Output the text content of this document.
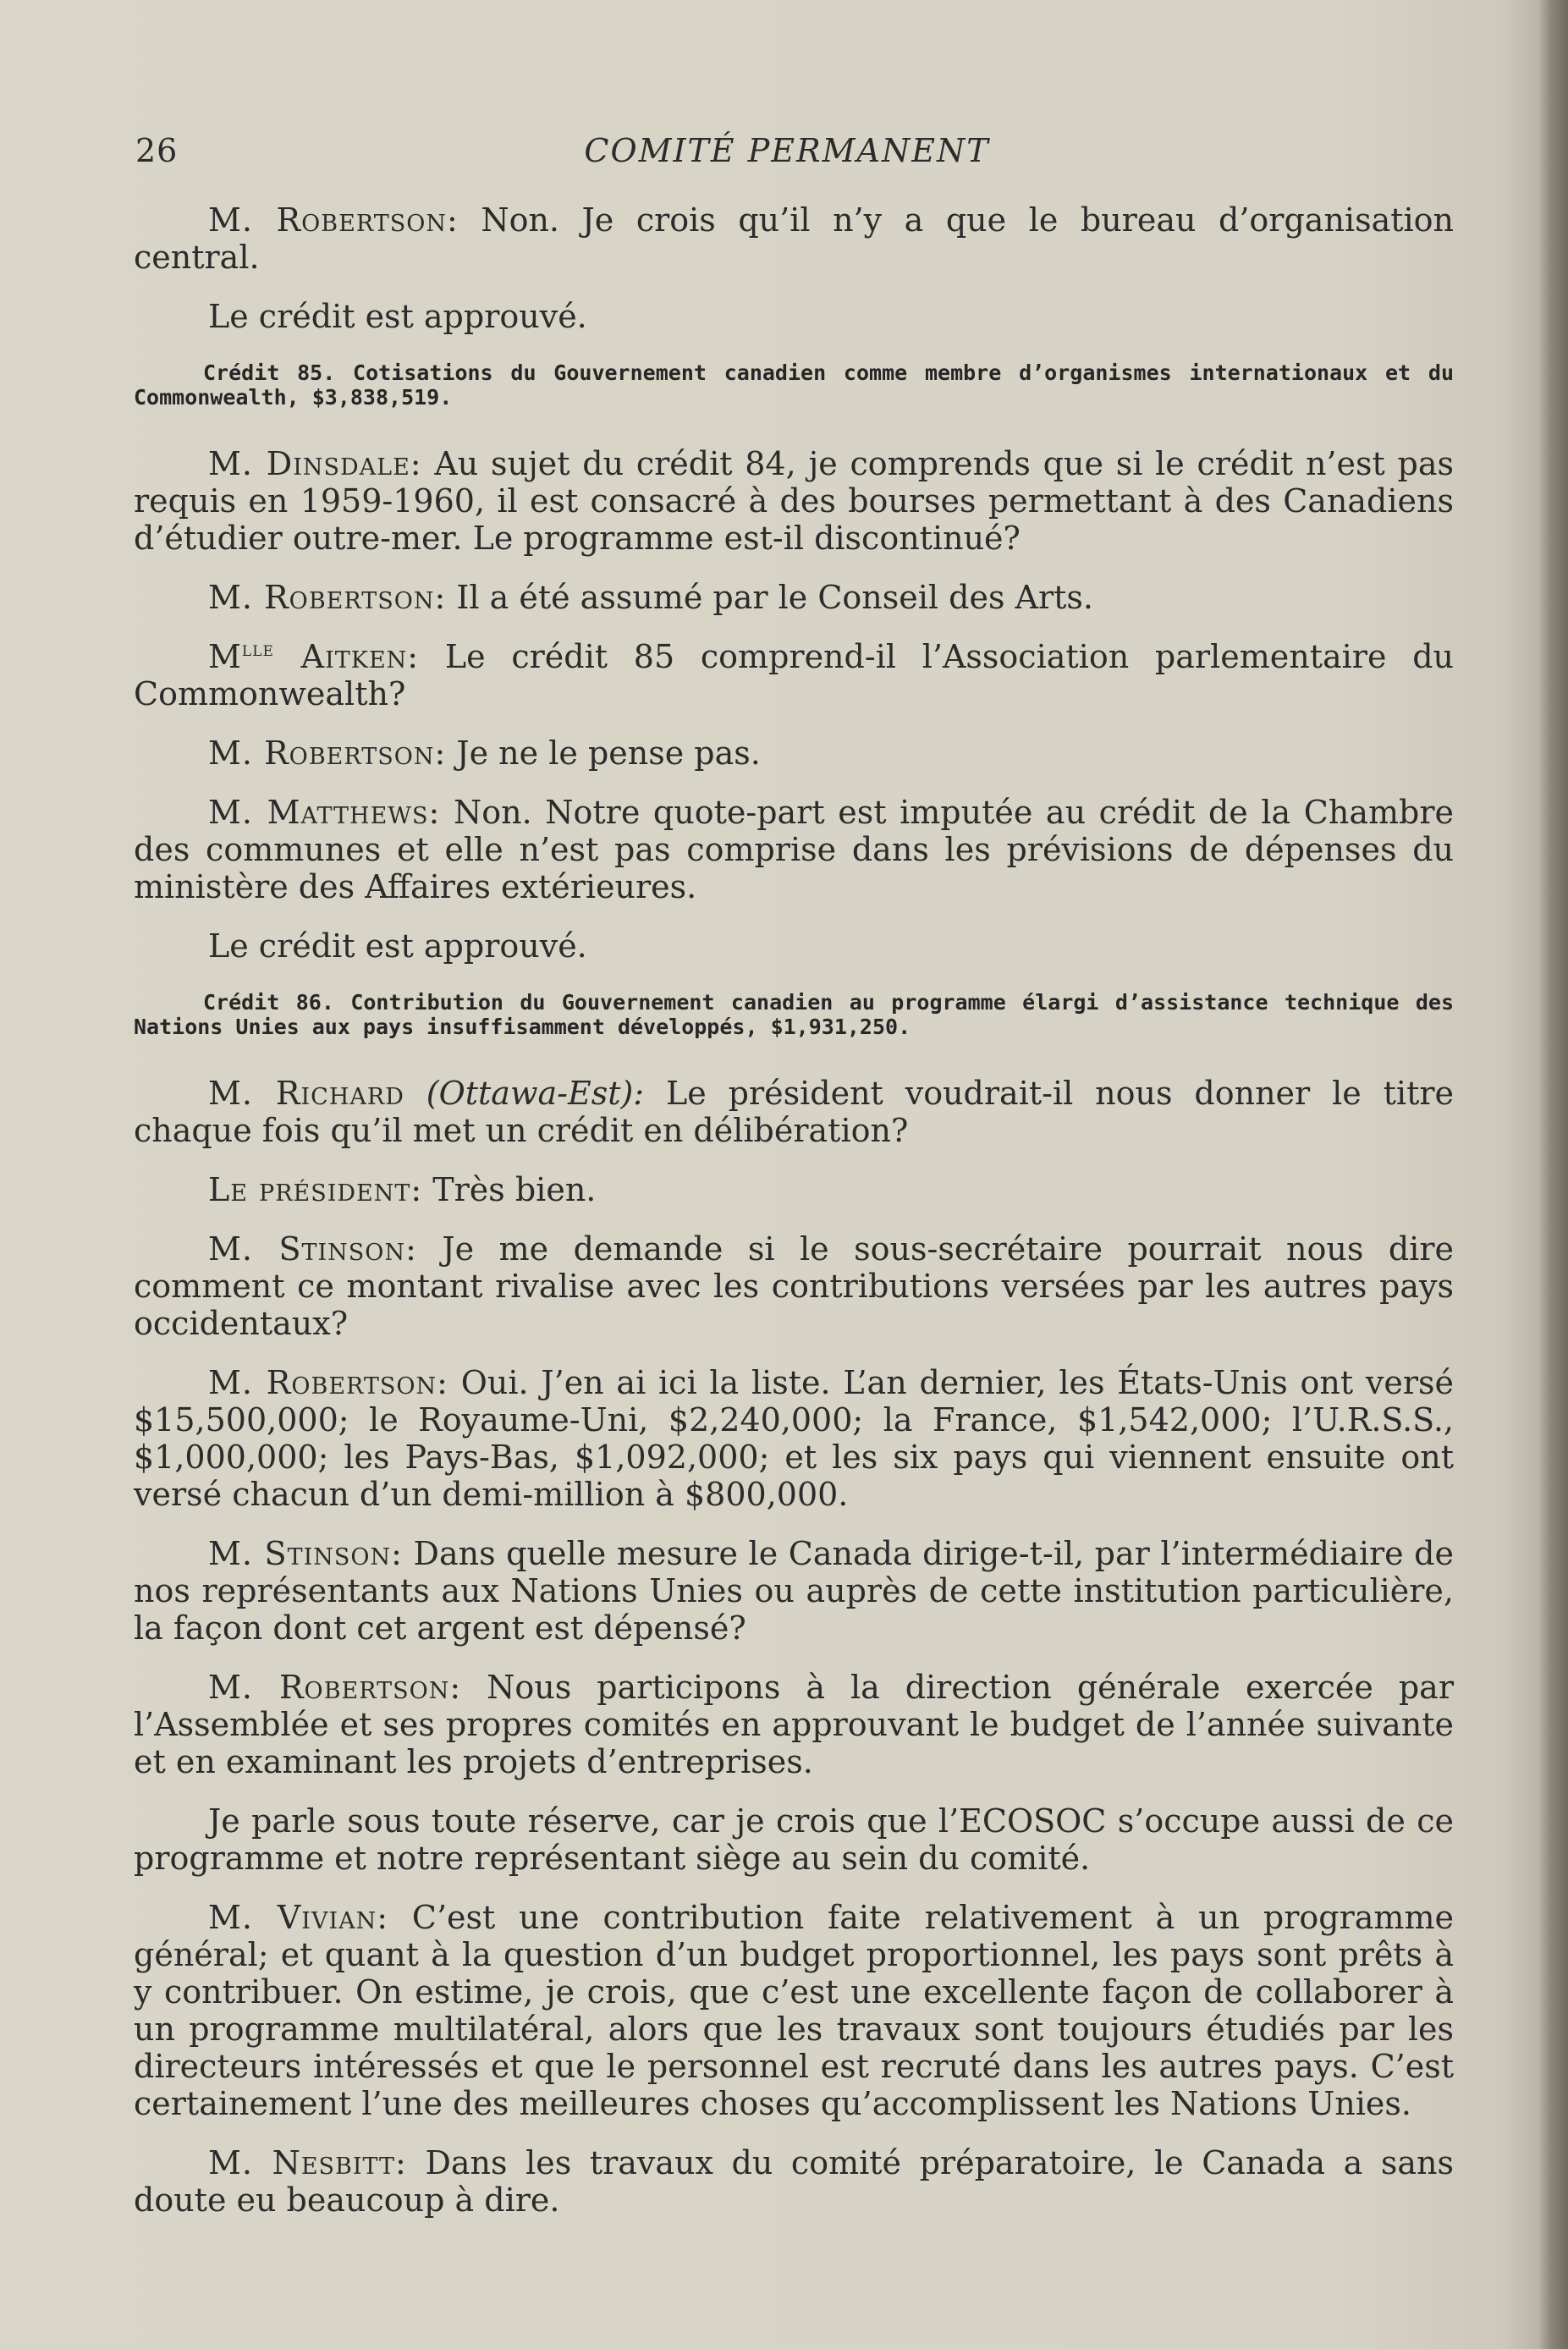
26	COMITÉ PERMANENT

M. Robertson: Non. Je crois qu’il n’y a que le bureau d’organisation central.

Le crédit est approuvé.

Crédit 85. Cotisations du Gouvernement canadien comme membre d’organismes internationaux et du Commonwealth, $3,838,519.

M. Dinsdale: Au sujet du crédit 84, je comprends que si le crédit n’est pas requis en 1959-1960, il est consacré à des bourses permettant à des Canadiens d’étudier outre-mer. Le programme est-il discontinué?

M. Robertson: Il a été assumé par le Conseil des Arts.

$M^{lle}$ Aitken: Le crédit 85 comprend-il l’Association parlementaire du Commonwealth?

M. Robertson: Je ne le pense pas.

M. Matthews: Non. Notre quote-part est imputée au crédit de la Chambre des communes et elle n’est pas comprise dans les prévisions de dépenses du ministère des Affaires extérieures.

Le crédit est approuvé.

Crédit 86. Contribution du Gouvernement canadien au programme élargi d’assistance technique des Nations Unies aux pays insuffisamment développés, $1,931,250.

M. Richard (Ottawa-Est): Le président voudrait-il nous donner le titre chaque fois qu’il met un crédit en délibération?

Le président: Très bien.

M. Stinson: Je me demande si le sous-secrétaire pourrait nous dire comment ce montant rivalise avec les contributions versées par les autres pays occidentaux?

M. Robertson: Oui. J’en ai ici la liste. L’an dernier, les États-Unis ont versé $15,500,000; le Royaume-Uni, $2,240,000; la France, $1,542,000; l’U.R.S.S., $1,000,000; les Pays-Bas, $1,092,000; et les six pays qui viennent ensuite ont versé chacun d’un demi-million à $800,000.

M. Stinson: Dans quelle mesure le Canada dirige-t-il, par l’intermédiaire de nos représentants aux Nations Unies ou auprès de cette institution particulière, la façon dont cet argent est dépensé?

M. Robertson: Nous participons à la direction générale exercée par l’Assemblée et ses propres comités en approuvant le budget de l’année suivante et en examinant les projets d’entreprises.

Je parle sous toute réserve, car je crois que l’ECOSOC s’occupe aussi de ce programme et notre représentant siège au sein du comité.

M. Vivian: C’est une contribution faite relativement à un programme général; et quant à la question d’un budget proportionnel, les pays sont prêts à y contribuer. On estime, je crois, que c’est une excellente façon de collaborer à un programme multilatéral, alors que les travaux sont toujours étudiés par les directeurs intéressés et que le personnel est recruté dans les autres pays. C’est certainement l’une des meilleures choses qu’accomplissent les Nations Unies.

M. Nesbitt: Dans les travaux du comité préparatoire, le Canada a sans doute eu beaucoup à dire.
